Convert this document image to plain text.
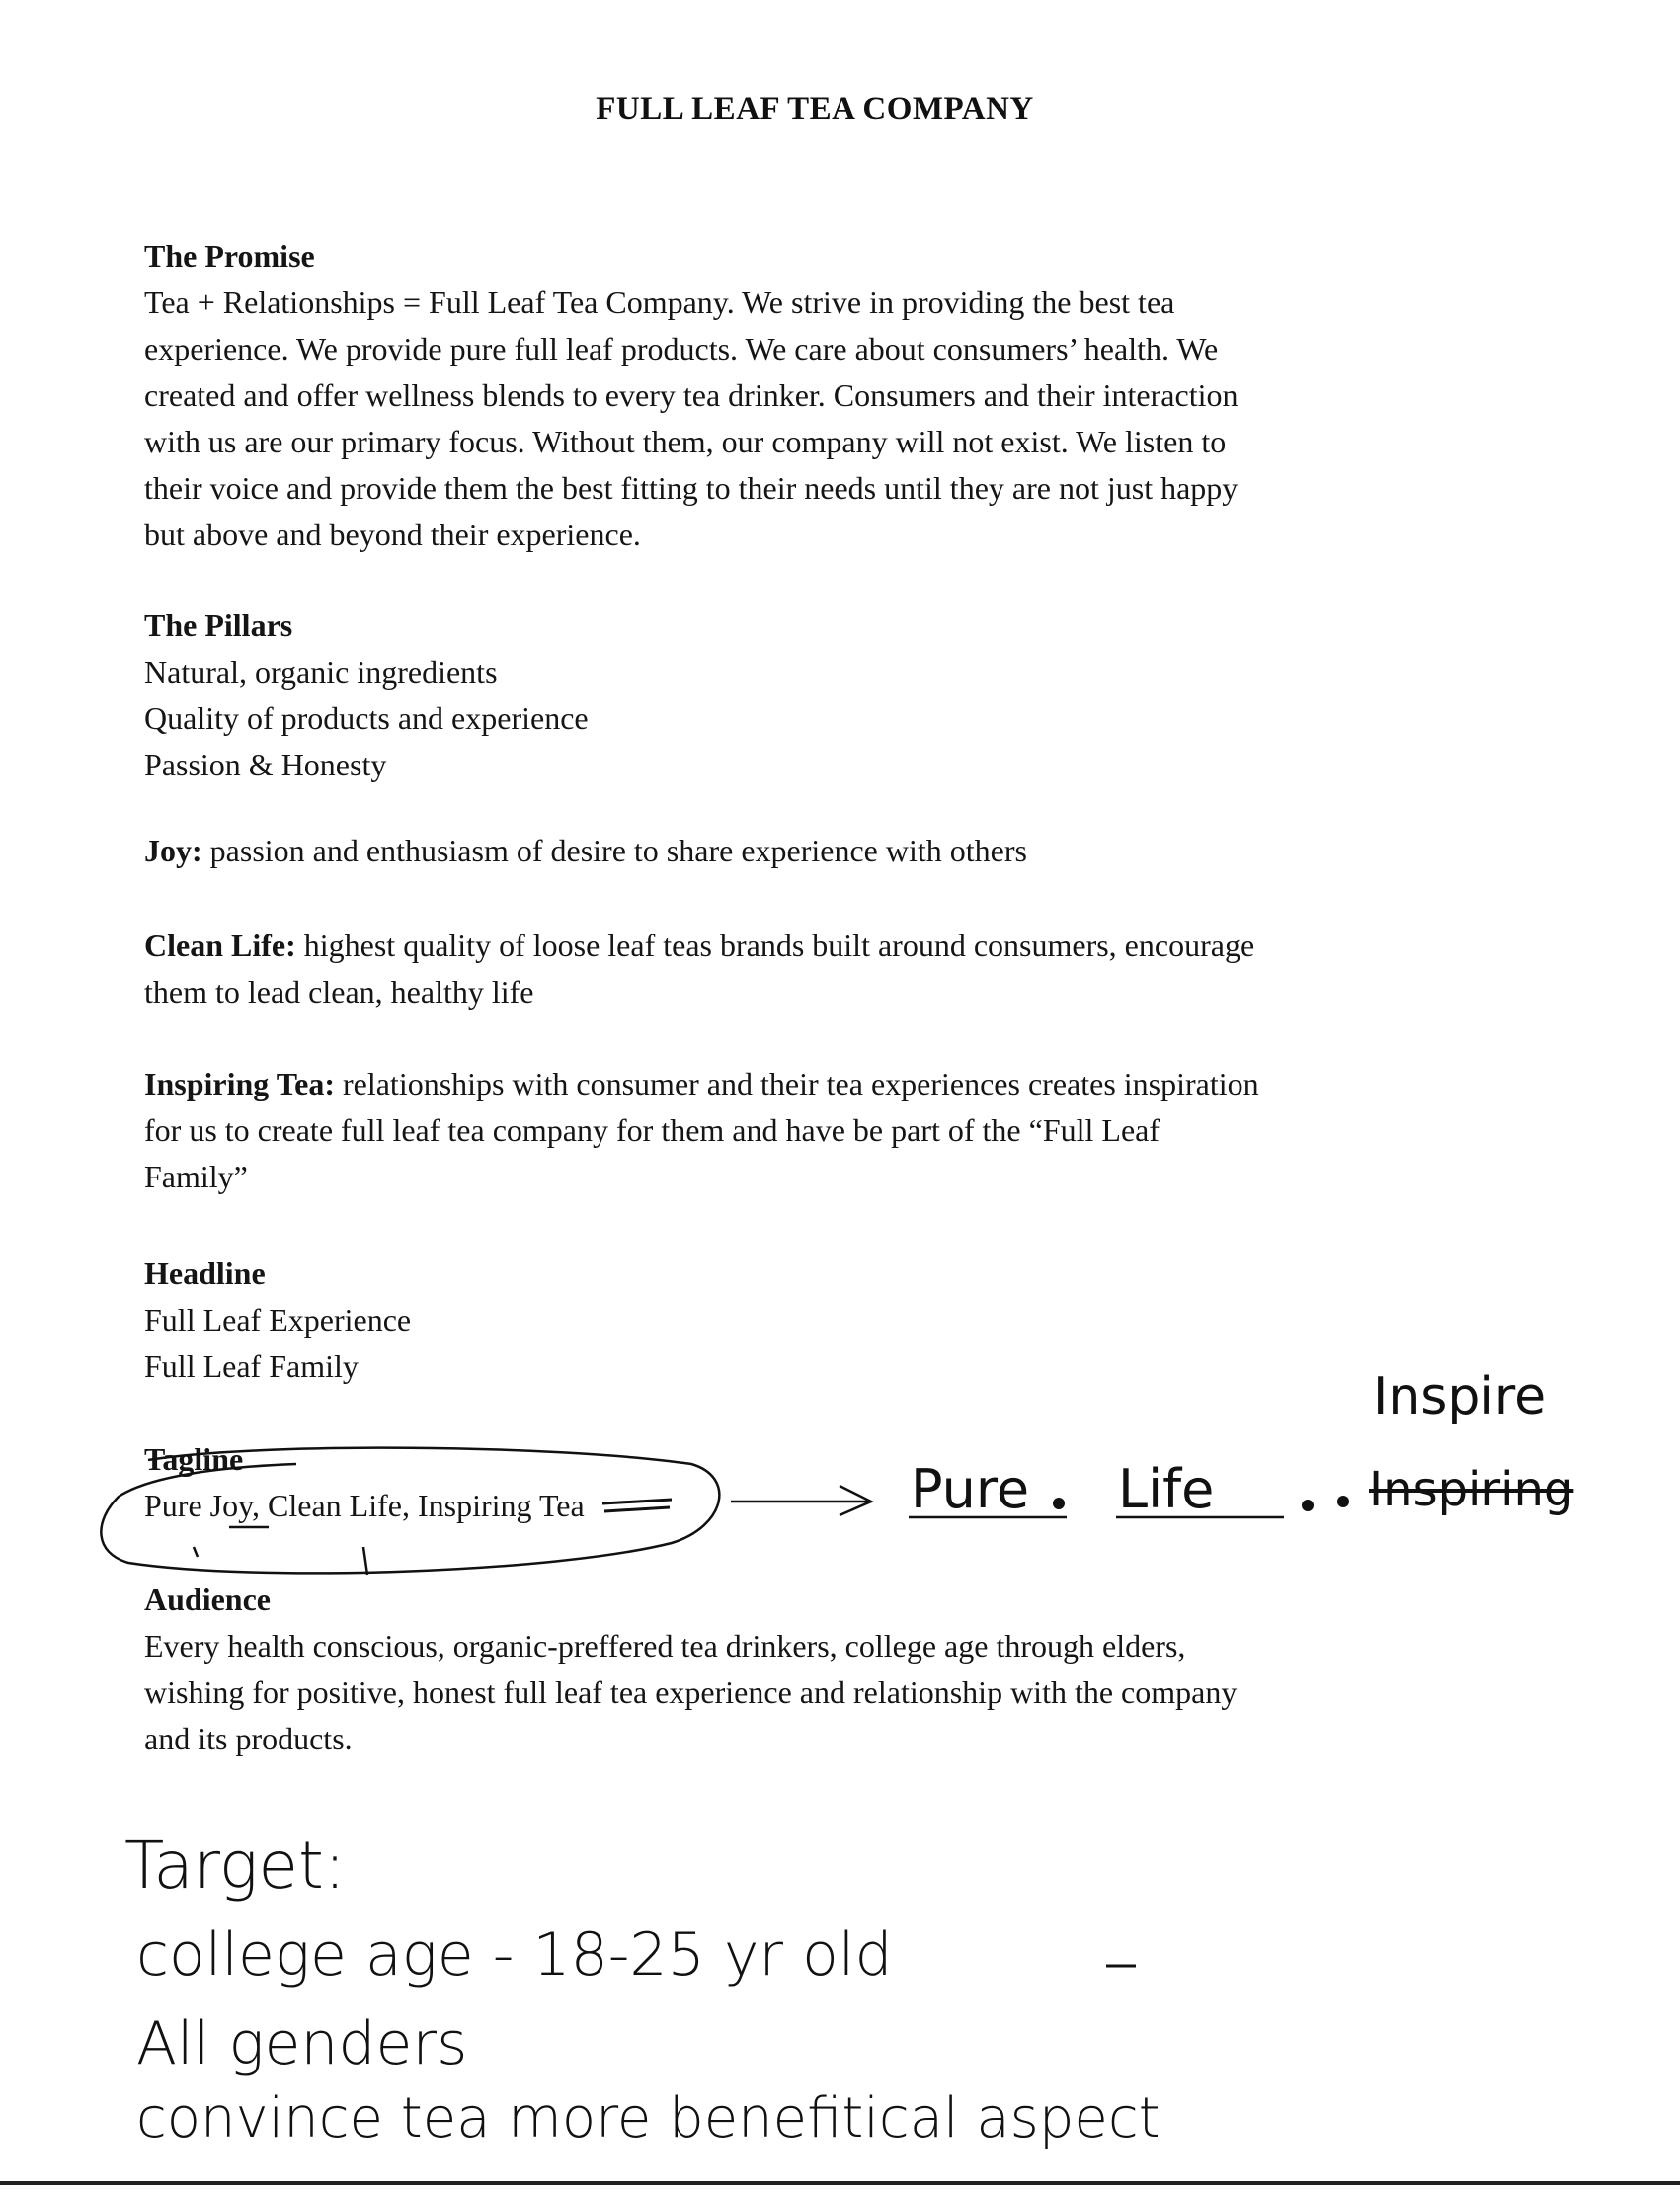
FULL LEAF TEA COMPANY
The Promise
Tea + Relationships = Full Leaf Tea Company. We strive in providing the best tea
experience. We provide pure full leaf products. We care about consumers’ health. We
created and offer wellness blends to every tea drinker. Consumers and their interaction
with us are our primary focus. Without them, our company will not exist. We listen to
their voice and provide them the best fitting to their needs until they are not just happy
but above and beyond their experience.
The Pillars
Natural, organic ingredients
Quality of products and experience
Passion & Honesty
Joy: passion and enthusiasm of desire to share experience with others
Clean Life: highest quality of loose leaf teas brands built around consumers, encourage
them to lead clean, healthy life
Inspiring Tea: relationships with consumer and their tea experiences creates inspiration
for us to create full leaf tea company for them and have be part of the “Full Leaf
Family”
Headline
Full Leaf Experience
Full Leaf Family
Tagline
Pure Joy, Clean Life, Inspiring Tea
Audience
Every health conscious, organic-preffered tea drinkers, college age through elders,
wishing for positive, honest full leaf tea experience and relationship with the company
and its products.
Inspire
Pure Life	Inspiring
Target:
college age - 18-25 yr old
All genders
convince tea more benefitical aspect
